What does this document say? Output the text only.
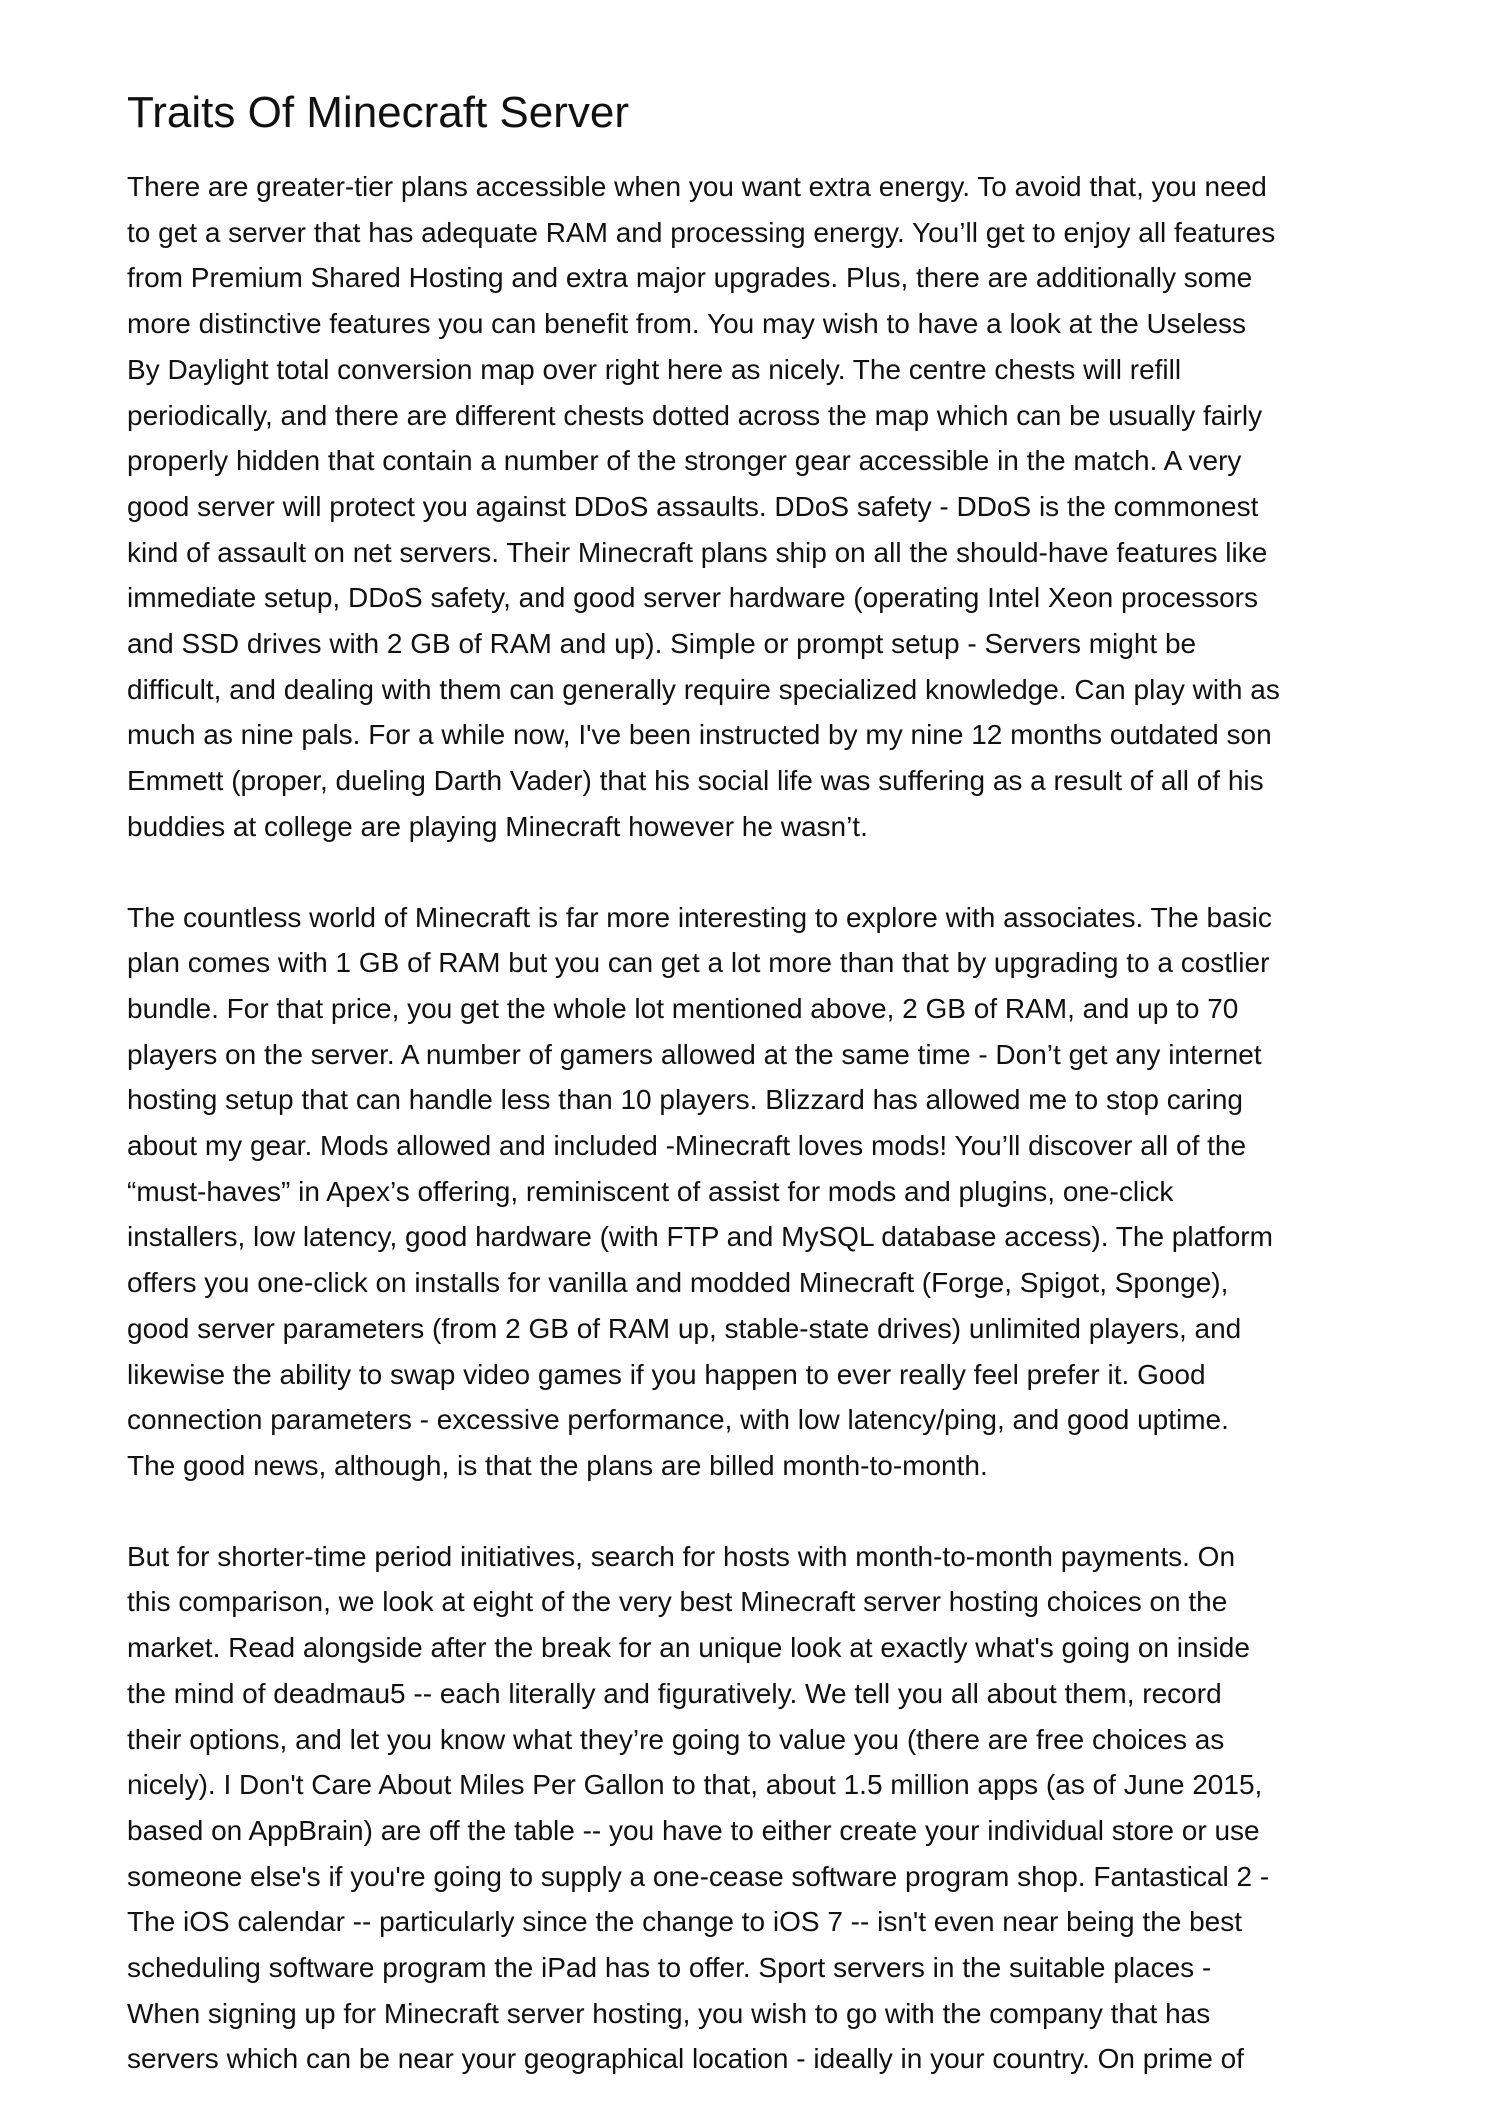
Traits Of Minecraft Server

There are greater-tier plans accessible when you want extra energy. To avoid that, you need
to get a server that has adequate RAM and processing energy. You’ll get to enjoy all features
from Premium Shared Hosting and extra major upgrades. Plus, there are additionally some
more distinctive features you can benefit from. You may wish to have a look at the Useless
By Daylight total conversion map over right here as nicely. The centre chests will refill
periodically, and there are different chests dotted across the map which can be usually fairly
properly hidden that contain a number of the stronger gear accessible in the match. A very
good server will protect you against DDoS assaults. DDoS safety - DDoS is the commonest
kind of assault on net servers. Their Minecraft plans ship on all the should-have features like
immediate setup, DDoS safety, and good server hardware (operating Intel Xeon processors
and SSD drives with 2 GB of RAM and up). Simple or prompt setup - Servers might be
difficult, and dealing with them can generally require specialized knowledge. Can play with as
much as nine pals. For a while now, I've been instructed by my nine 12 months outdated son
Emmett (proper, dueling Darth Vader) that his social life was suffering as a result of all of his
buddies at college are playing Minecraft however he wasn’t.

The countless world of Minecraft is far more interesting to explore with associates. The basic
plan comes with 1 GB of RAM but you can get a lot more than that by upgrading to a costlier
bundle. For that price, you get the whole lot mentioned above, 2 GB of RAM, and up to 70
players on the server. A number of gamers allowed at the same time - Don’t get any internet
hosting setup that can handle less than 10 players. Blizzard has allowed me to stop caring
about my gear. Mods allowed and included -Minecraft loves mods! You’ll discover all of the
“must-haves” in Apex’s offering, reminiscent of assist for mods and plugins, one-click
installers, low latency, good hardware (with FTP and MySQL database access). The platform
offers you one-click on installs for vanilla and modded Minecraft (Forge, Spigot, Sponge),
good server parameters (from 2 GB of RAM up, stable-state drives) unlimited players, and
likewise the ability to swap video games if you happen to ever really feel prefer it. Good
connection parameters - excessive performance, with low latency/ping, and good uptime.
The good news, although, is that the plans are billed month-to-month.

But for shorter-time period initiatives, search for hosts with month-to-month payments. On
this comparison, we look at eight of the very best Minecraft server hosting choices on the
market. Read alongside after the break for an unique look at exactly what's going on inside
the mind of deadmau5 -- each literally and figuratively. We tell you all about them, record
their options, and let you know what they’re going to value you (there are free choices as
nicely). I Don't Care About Miles Per Gallon to that, about 1.5 million apps (as of June 2015,
based on AppBrain) are off the table -- you have to either create your individual store or use
someone else's if you're going to supply a one-cease software program shop. Fantastical 2 -
The iOS calendar -- particularly since the change to iOS 7 -- isn't even near being the best
scheduling software program the iPad has to offer. Sport servers in the suitable places -
When signing up for Minecraft server hosting, you wish to go with the company that has
servers which can be near your geographical location - ideally in your country. On prime of
